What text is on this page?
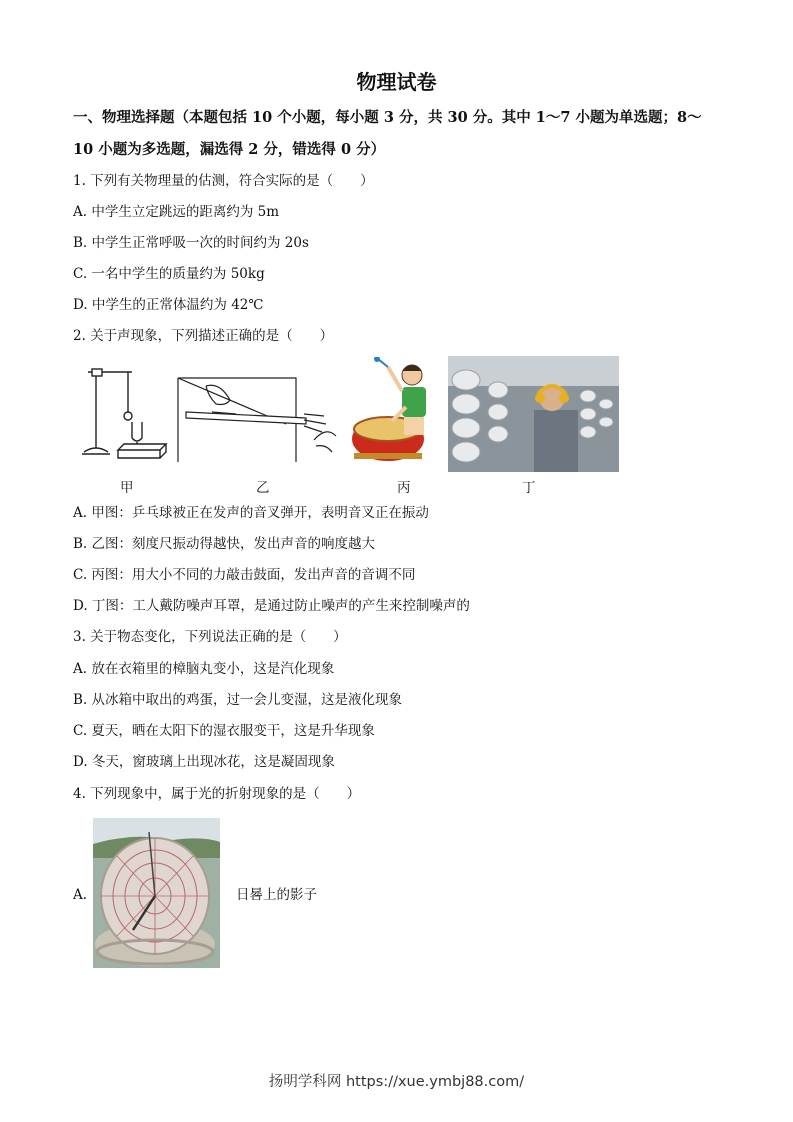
物理试卷
一、物理选择题（本题包括 10 个小题，每小题 3 分，共 30 分。其中 1～7 小题为单选题；8～
10 小题为多选题，漏选得 2 分，错选得 0 分）
1. 下列有关物理量的估测，符合实际的是（　　）
A. 中学生立定跳远的距离约为 5m
B. 中学生正常呼吸一次的时间约为 20s
C. 一名中学生的质量约为 50kg
D. 中学生的正常体温约为 42℃
2. 关于声现象，下列描述正确的是（　　）
甲	乙	丙	丁
A. 甲图：乒乓球被正在发声的音叉弹开，表明音叉正在振动
B. 乙图：刻度尺振动得越快，发出声音的响度越大
C. 丙图：用大小不同的力敲击鼓面，发出声音的音调不同
D. 丁图：工人戴防噪声耳罩，是通过防止噪声的产生来控制噪声的
3. 关于物态变化，下列说法正确的是（　　）
A. 放在衣箱里的樟脑丸变小，这是汽化现象
B. 从冰箱中取出的鸡蛋，过一会儿变湿，这是液化现象
C. 夏天，晒在太阳下的湿衣服变干，这是升华现象
D. 冬天，窗玻璃上出现冰花，这是凝固现象
4. 下列现象中，属于光的折射现象的是（　　）
A.	日晷上的影子
扬明学科网 https://xue.ymbj88.com/
